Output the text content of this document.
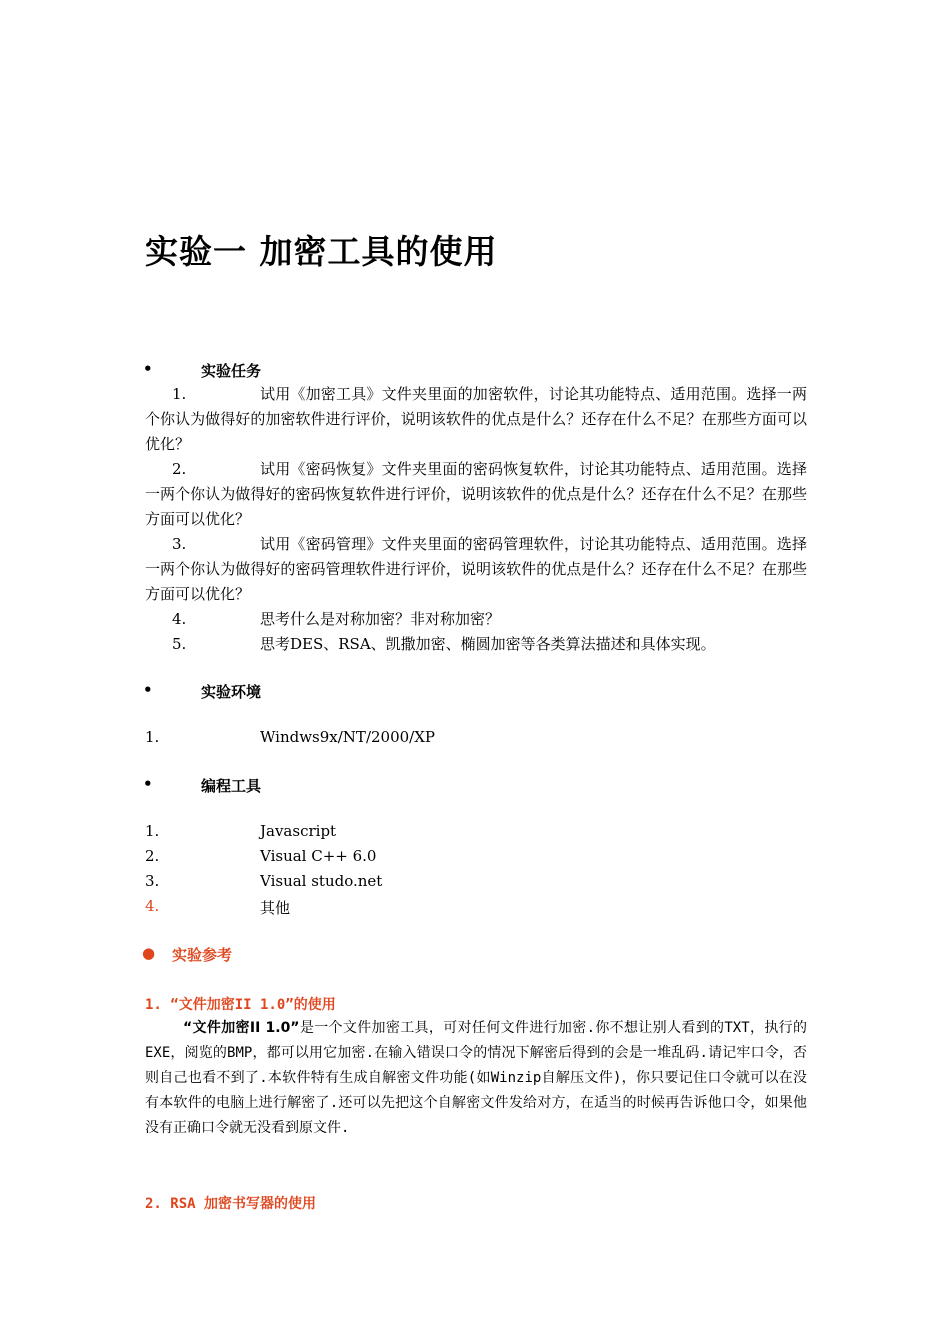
实验一 加密工具的使用
•	实验任务
1.	试用《加密工具》文件夹里面的加密软件，讨论其功能特点、适用范围。选择一两个你认为做得好的加密软件进行评价，说明该软件的优点是什么？还存在什么不足？在那些方面可以优化？
2.	试用《密码恢复》文件夹里面的密码恢复软件，讨论其功能特点、适用范围。选择一两个你认为做得好的密码恢复软件进行评价，说明该软件的优点是什么？还存在什么不足？在那些方面可以优化？
3.	试用《密码管理》文件夹里面的密码管理软件，讨论其功能特点、适用范围。选择一两个你认为做得好的密码管理软件进行评价，说明该软件的优点是什么？还存在什么不足？在那些方面可以优化？
4.	思考什么是对称加密？非对称加密？
5.	思考DES、RSA、凯撒加密、椭圆加密等各类算法描述和具体实现。
•	实验环境
1.	Windws9x/NT/2000/XP
•	编程工具
1.	Javascript
2.	Visual C++ 6.0
3.	Visual studo.net
4.	其他
● 实验参考
1. “文件加密II 1.0”的使用
“文件加密II 1.0”是一个文件加密工具，可对任何文件进行加密.你不想让别人看到的TXT，执行的EXE，阅览的BMP，都可以用它加密.在输入错误口令的情况下解密后得到的会是一堆乱码.请记牢口令，否则自己也看不到了.本软件特有生成自解密文件功能(如Winzip自解压文件)，你只要记住口令就可以在没有本软件的电脑上进行解密了.还可以先把这个自解密文件发给对方，在适当的时候再告诉他口令，如果他没有正确口令就无没看到原文件.
2. RSA 加密书写器的使用
